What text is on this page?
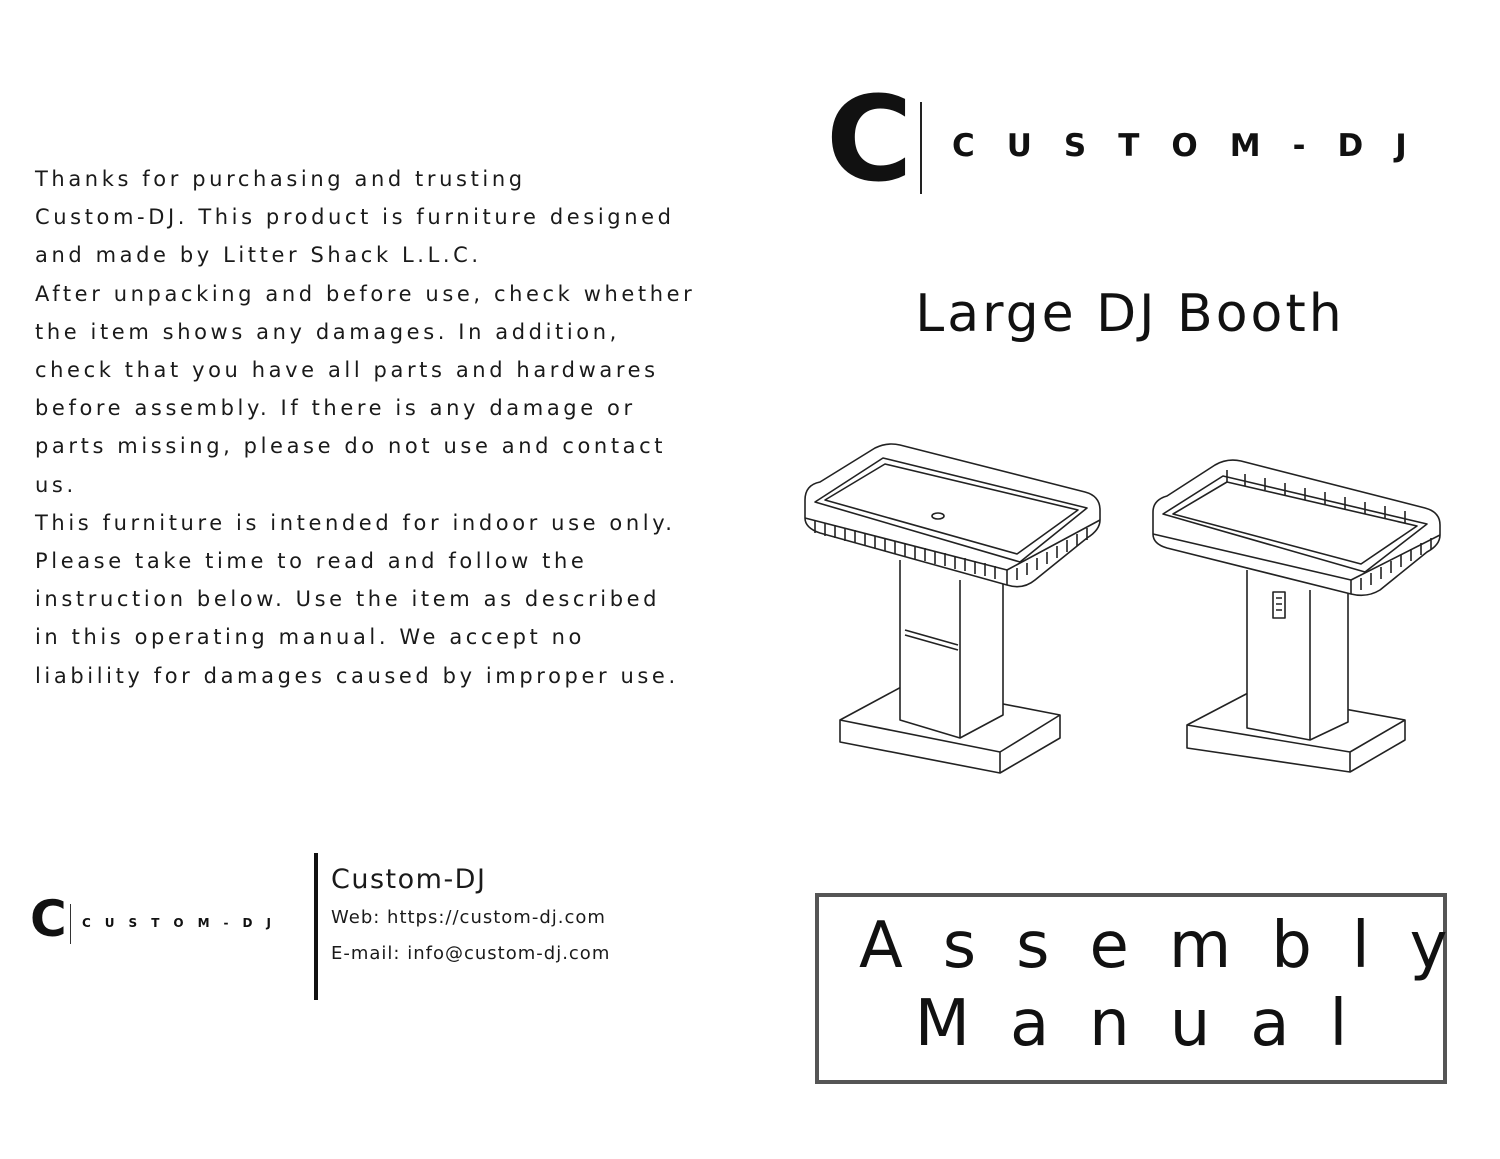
Thanks for purchasing and trusting

Custom-DJ. This product is furniture designed

and made by Litter Shack L.L.C.

After unpacking and before use, check whether

the item shows any damages. In addition,

check that you have all parts and hardwares

before assembly. If there is any damage or

parts missing, please do not use and contact

us.

This furniture is intended for indoor use only.

Please take time to read and follow the

instruction below. Use the item as described

in this operating manual. We accept no

liability for damages caused by improper use.

C CUSTOM-DJ
Large DJ Booth
C CUSTOM-DJ
Custom-DJ
Web: https://custom-dj.com
E-mail: info@custom-dj.com	Assembly
Manual
